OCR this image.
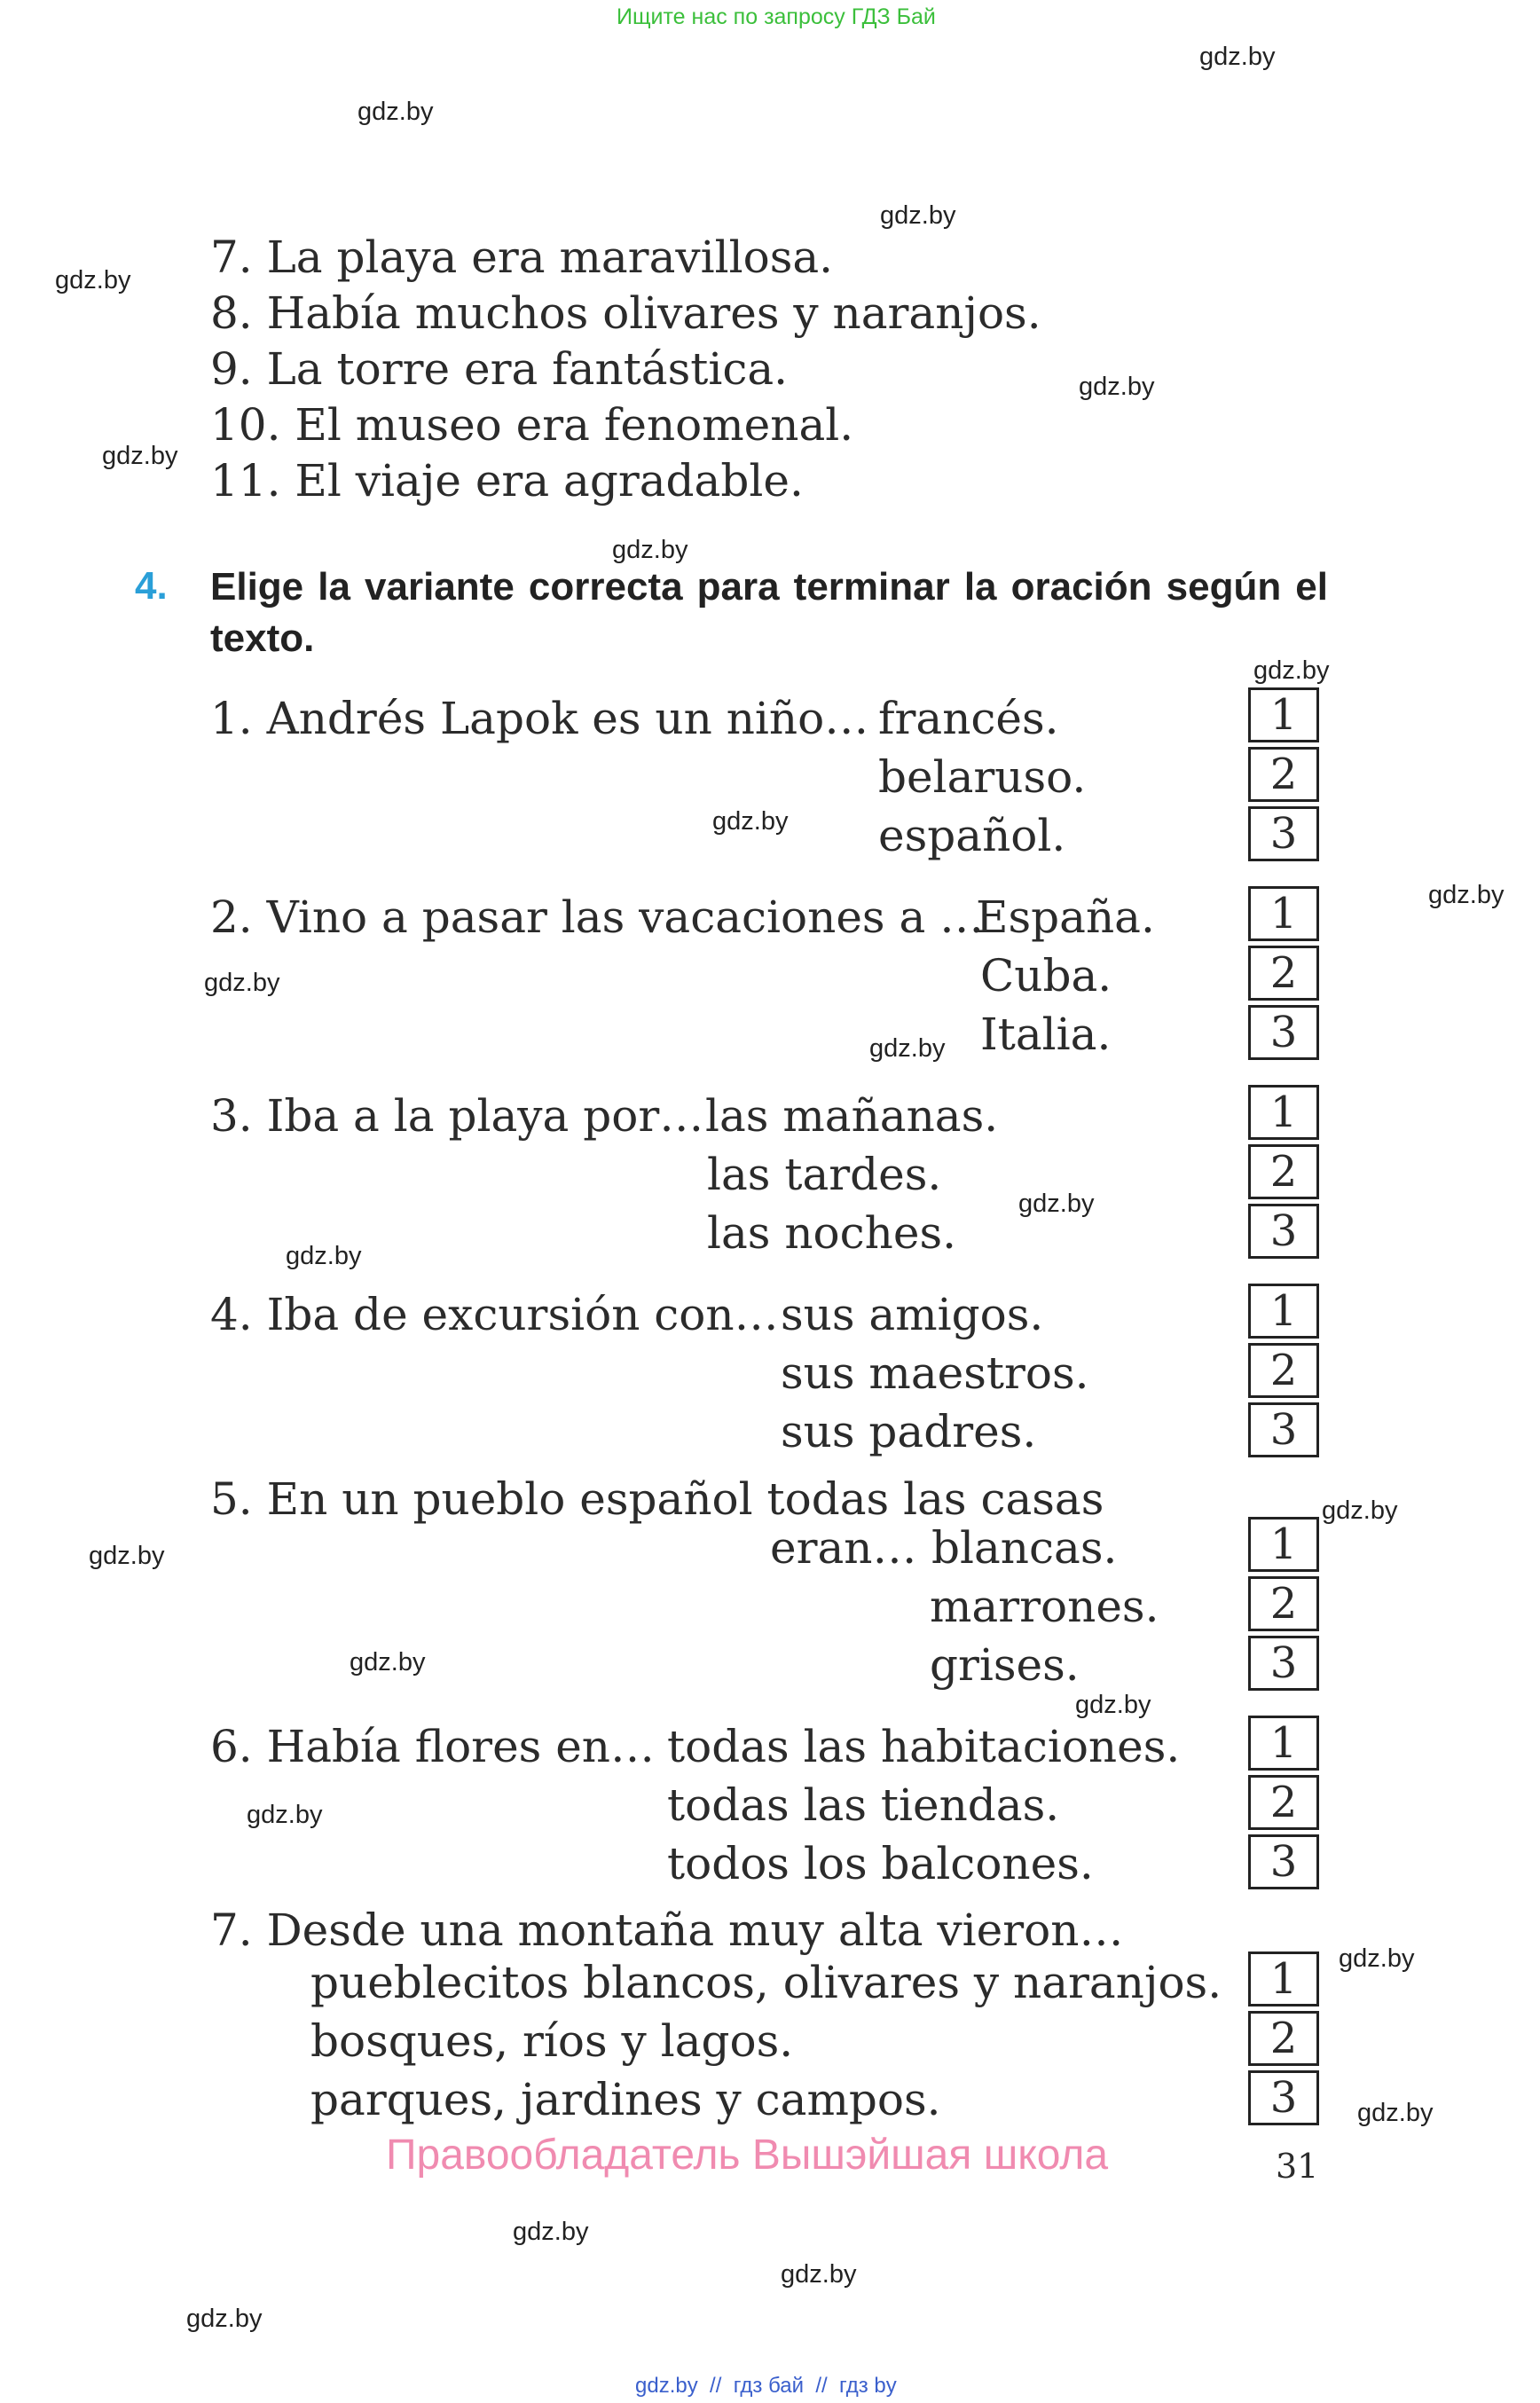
Ищите нас по запросу ГДЗ Бай
gdz.by
gdz.by
gdz.by
gdz.by
gdz.by
gdz.by
gdz.by
gdz.by
gdz.by
gdz.by
gdz.by
gdz.by
gdz.by
gdz.by
gdz.by
gdz.by
gdz.by
gdz.by
gdz.by
gdz.by
gdz.by
gdz.by
gdz.by
gdz.by
7. La playa era maravillosa.
8. Había muchos olivares y naranjos.
9. La torre era fantástica.
10. El museo era fenomenal.
11. El viaje era agradable.
4. Elige la variante correcta para terminar la oración según el texto.
1. Andrés Lapok es un niño… francés.
belaruso.
español.
1
2
3
2. Vino a pasar las vacaciones a …
España.
Cuba.
Italia.
1
2
3
3. Iba a la playa por… las mañanas.
las tardes.
las noches.
1
2
3
4. Iba de excursión con… sus amigos.
sus maestros.
sus padres.
1
2
3
5. En un pueblo español todas las casas
eran… blancas.
marrones.
grises.
1
2
3
6. Había flores en… todas las habitaciones.
todas las tiendas.
todos los balcones.
1
2
3
7. Desde una montaña muy alta vieron…
pueblecitos blancos, olivares y naranjos.
bosques, ríos y lagos.
parques, jardines y campos.
1
2
3
Правообладатель Вышэйшая школа	31
gdz.by  //  гдз бай  //  гдз by
